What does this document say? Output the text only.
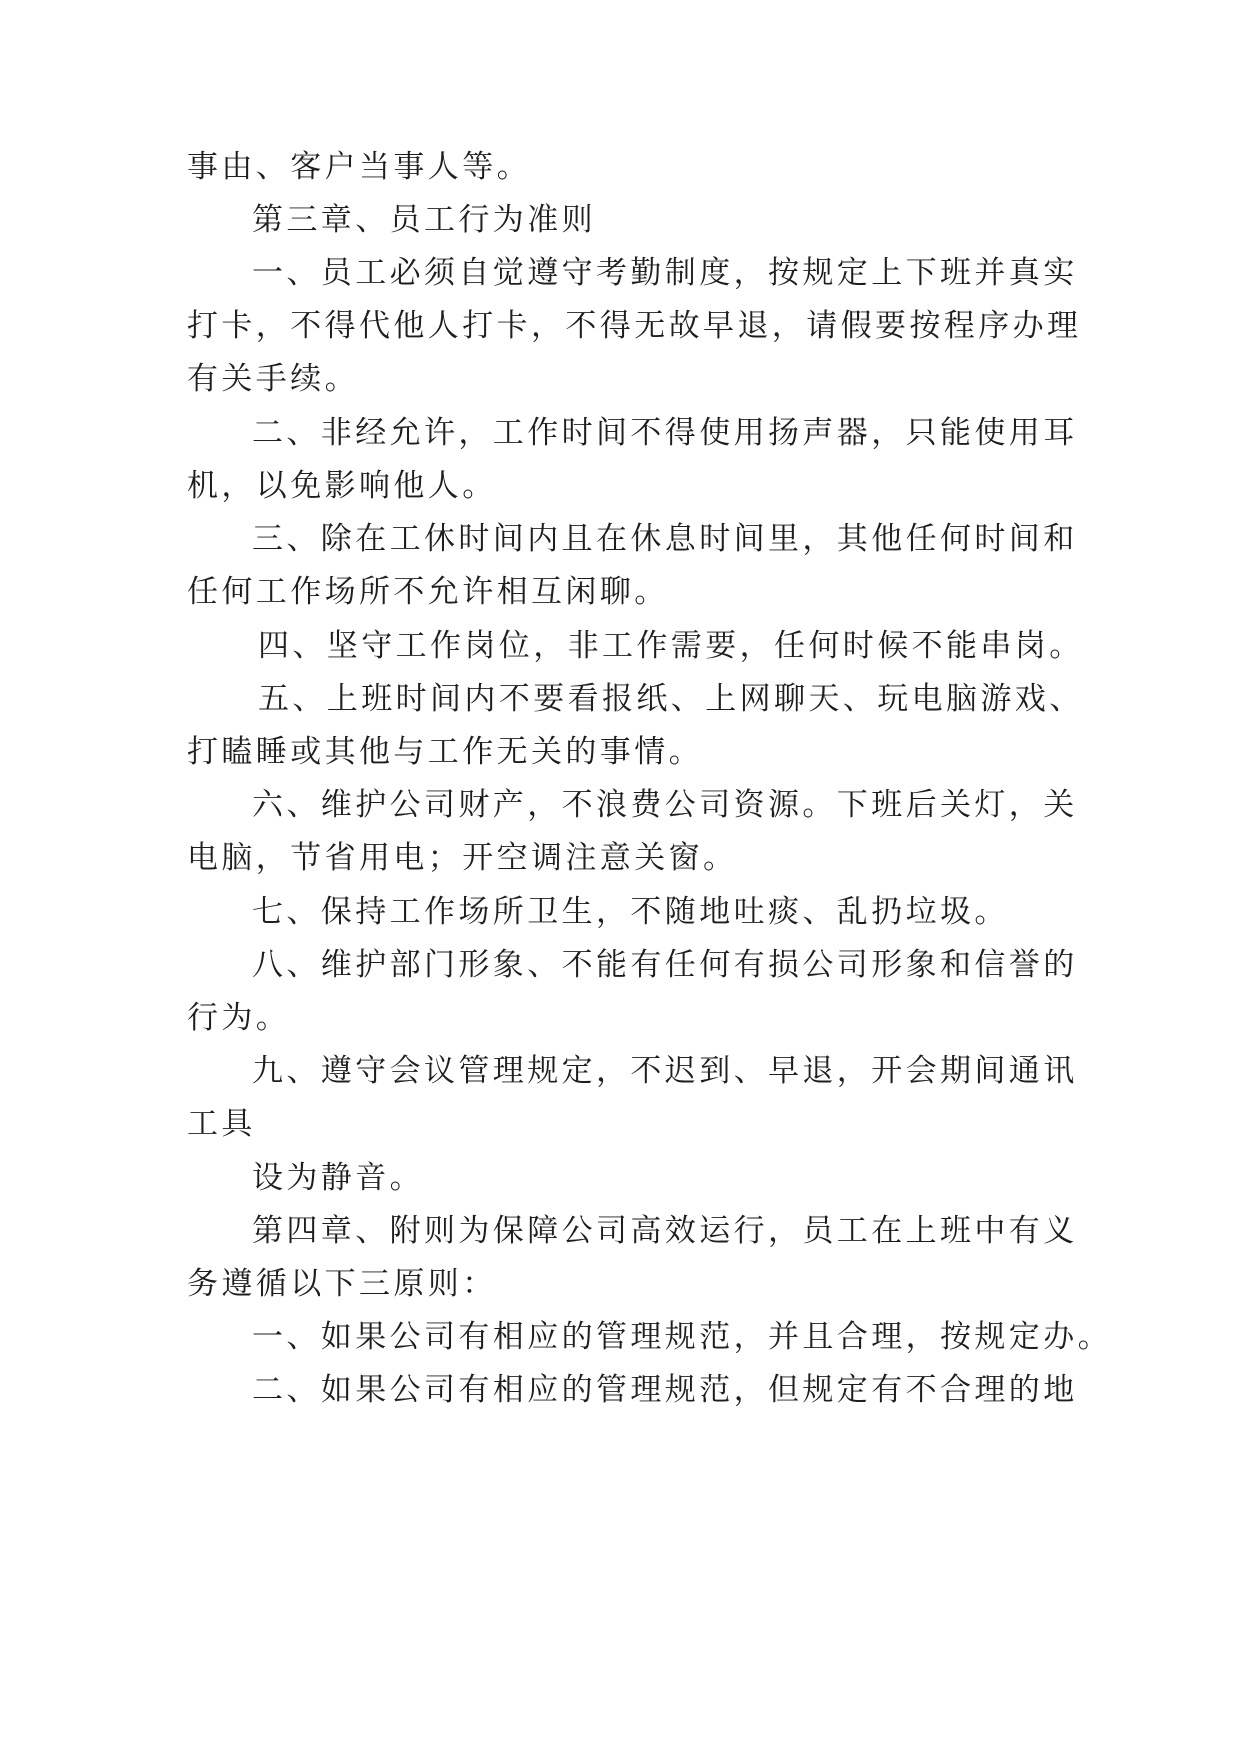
事由、客户当事人等。
第三章、员工行为准则
一、员工必须自觉遵守考勤制度，按规定上下班并真实
打卡，不得代他人打卡，不得无故早退，请假要按程序办理
有关手续。
二、非经允许，工作时间不得使用扬声器，只能使用耳
机，以免影响他人。
三、除在工休时间内且在休息时间里，其他任何时间和
任何工作场所不允许相互闲聊。
四、坚守工作岗位，非工作需要，任何时候不能串岗。
五、上班时间内不要看报纸、上网聊天、玩电脑游戏、
打瞌睡或其他与工作无关的事情。
六、维护公司财产，不浪费公司资源。下班后关灯，关
电脑，节省用电；开空调注意关窗。
七、保持工作场所卫生，不随地吐痰、乱扔垃圾。
八、维护部门形象、不能有任何有损公司形象和信誉的
行为。
九、遵守会议管理规定，不迟到、早退，开会期间通讯
工具
设为静音。
第四章、附则为保障公司高效运行，员工在上班中有义
务遵循以下三原则：
一、如果公司有相应的管理规范，并且合理，按规定办。
二、如果公司有相应的管理规范，但规定有不合理的地
